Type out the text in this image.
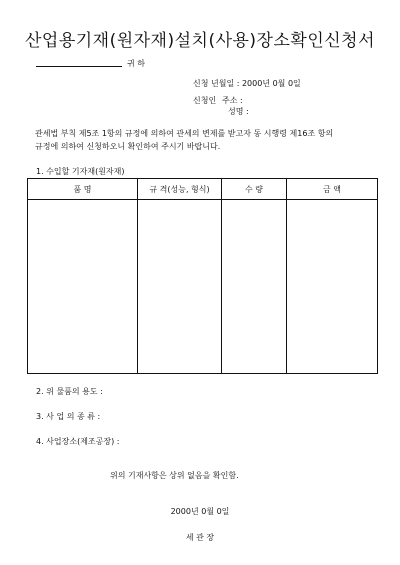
산업용기재(원자재)설치(사용)장소확인신청서
귀 하
신청 년월일 : 2000년 0월 0일
신청인 주소 :
성명 :
관세법 부칙 제5조 1항의 규정에 의하여 관세의 변제를 받고자 동 시행령 제16조 항의
규정에 의하여 신청하오니 확인하여 주시기 바랍니다.
1. 수입할 기자재(원자재)
품 명	규 격(성능, 형식)	수 량	금 액

2. 위 물품의 용도 :
3. 사 업 의 종 류 :
4. 사업장소(제조공장) :
위의 기재사항은 상위 없음을 확인함.
2000년 0월 0일
세 관 장
